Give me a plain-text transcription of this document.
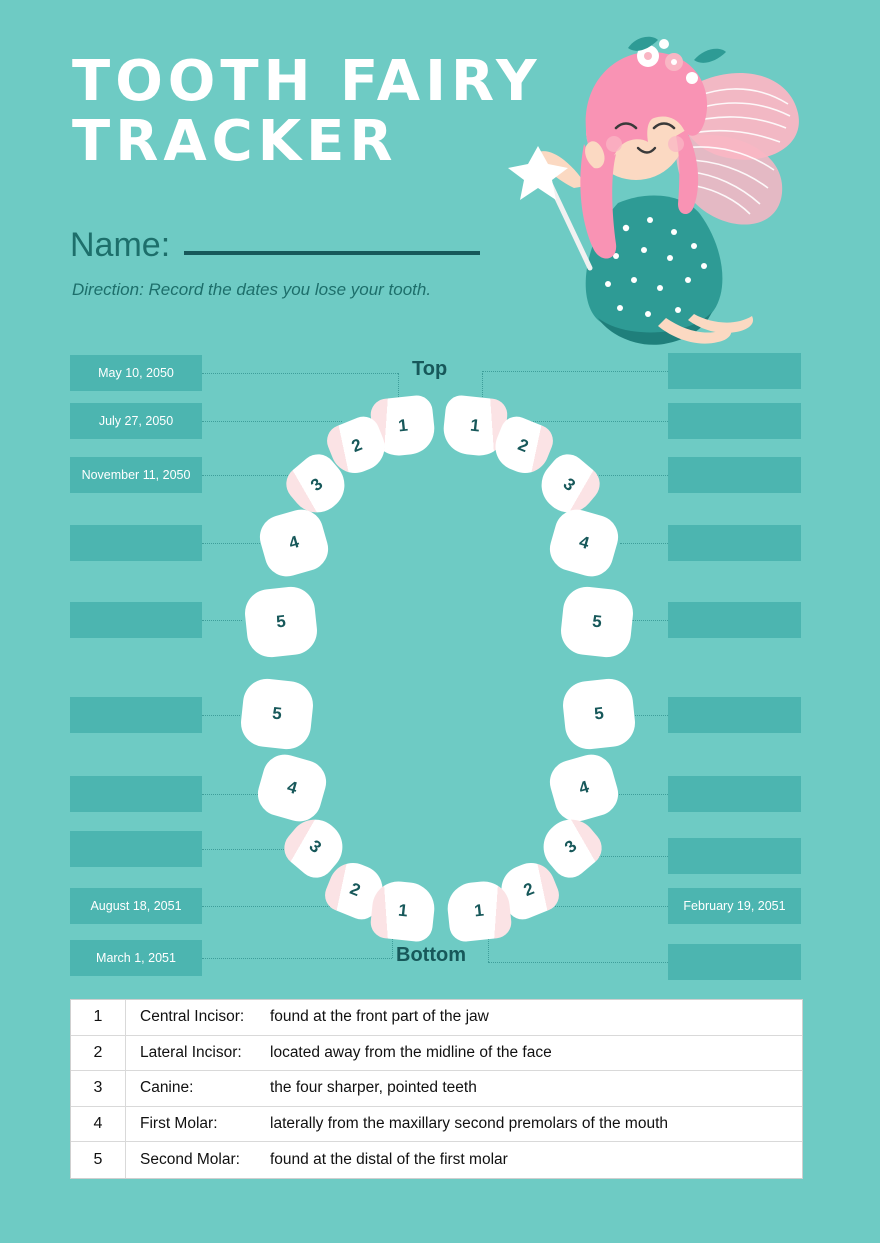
TOOTH FAIRY TRACKER
Name:
Direction: Record the dates you lose your tooth.
May 10, 2050
July 27, 2050
November 11, 2050
August 18, 2051
March 1, 2051
February 19, 2051
Top
Bottom
1
2
3
4
5
1
2
3
4
5
5
4
3
2
1
5
4
3
2
1
1	Central Incisor:	found at the front part of the jaw
2	Lateral Incisor:	located away from the midline of the face
3	Canine:	the four sharper, pointed teeth
4	First Molar:	laterally from the maxillary second premolars of the mouth
5	Second Molar:	found at the distal of the first molar
